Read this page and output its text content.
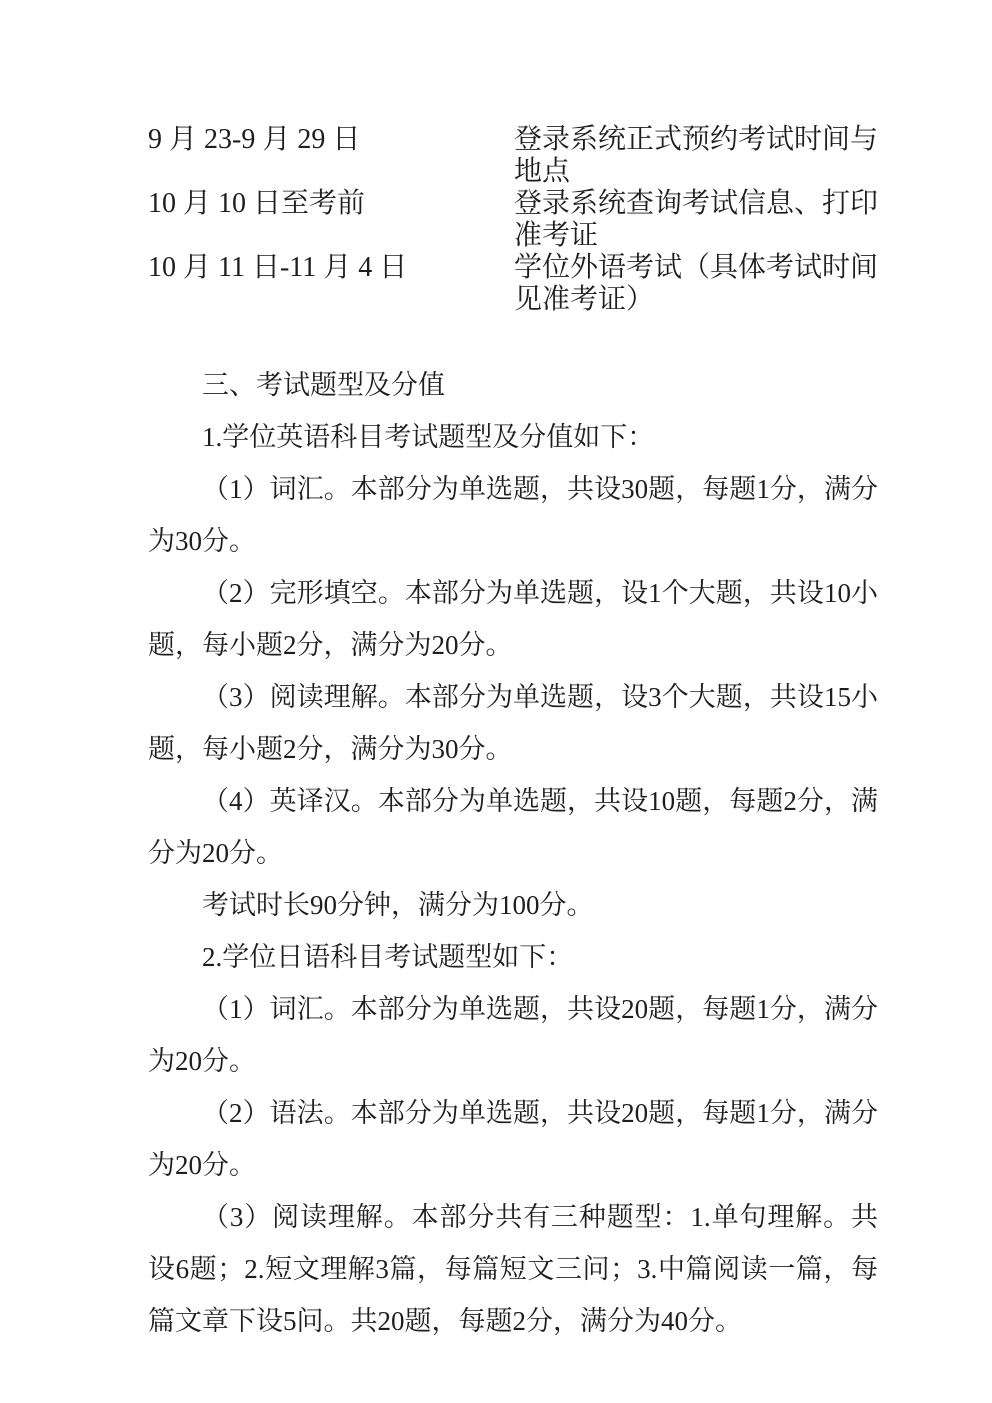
9 月 23-9 月 29 日	登录系统正式预约考试时间与地点
10 月 10 日至考前	登录系统查询考试信息、打印准考证
10 月 11 日-11 月 4 日	学位外语考试（具体考试时间见准考证）

三、考试题型及分值

1.学位英语科目考试题型及分值如下：

（1）词汇。本部分为单选题，共设30题，每题1分，满分为30分。

（2）完形填空。本部分为单选题，设1个大题，共设10小题，每小题2分，满分为20分。

（3）阅读理解。本部分为单选题，设3个大题，共设15小题，每小题2分，满分为30分。

（4）英译汉。本部分为单选题，共设10题，每题2分，满分为20分。

考试时长90分钟，满分为100分。

2.学位日语科目考试题型如下：

（1）词汇。本部分为单选题，共设20题，每题1分，满分为20分。

（2）语法。本部分为单选题，共设20题，每题1分，满分为20分。

（3）阅读理解。本部分共有三种题型：1.单句理解。共设6题；2.短文理解3篇，每篇短文三问；3.中篇阅读一篇，每篇文章下设5问。共20题，每题2分，满分为40分。
